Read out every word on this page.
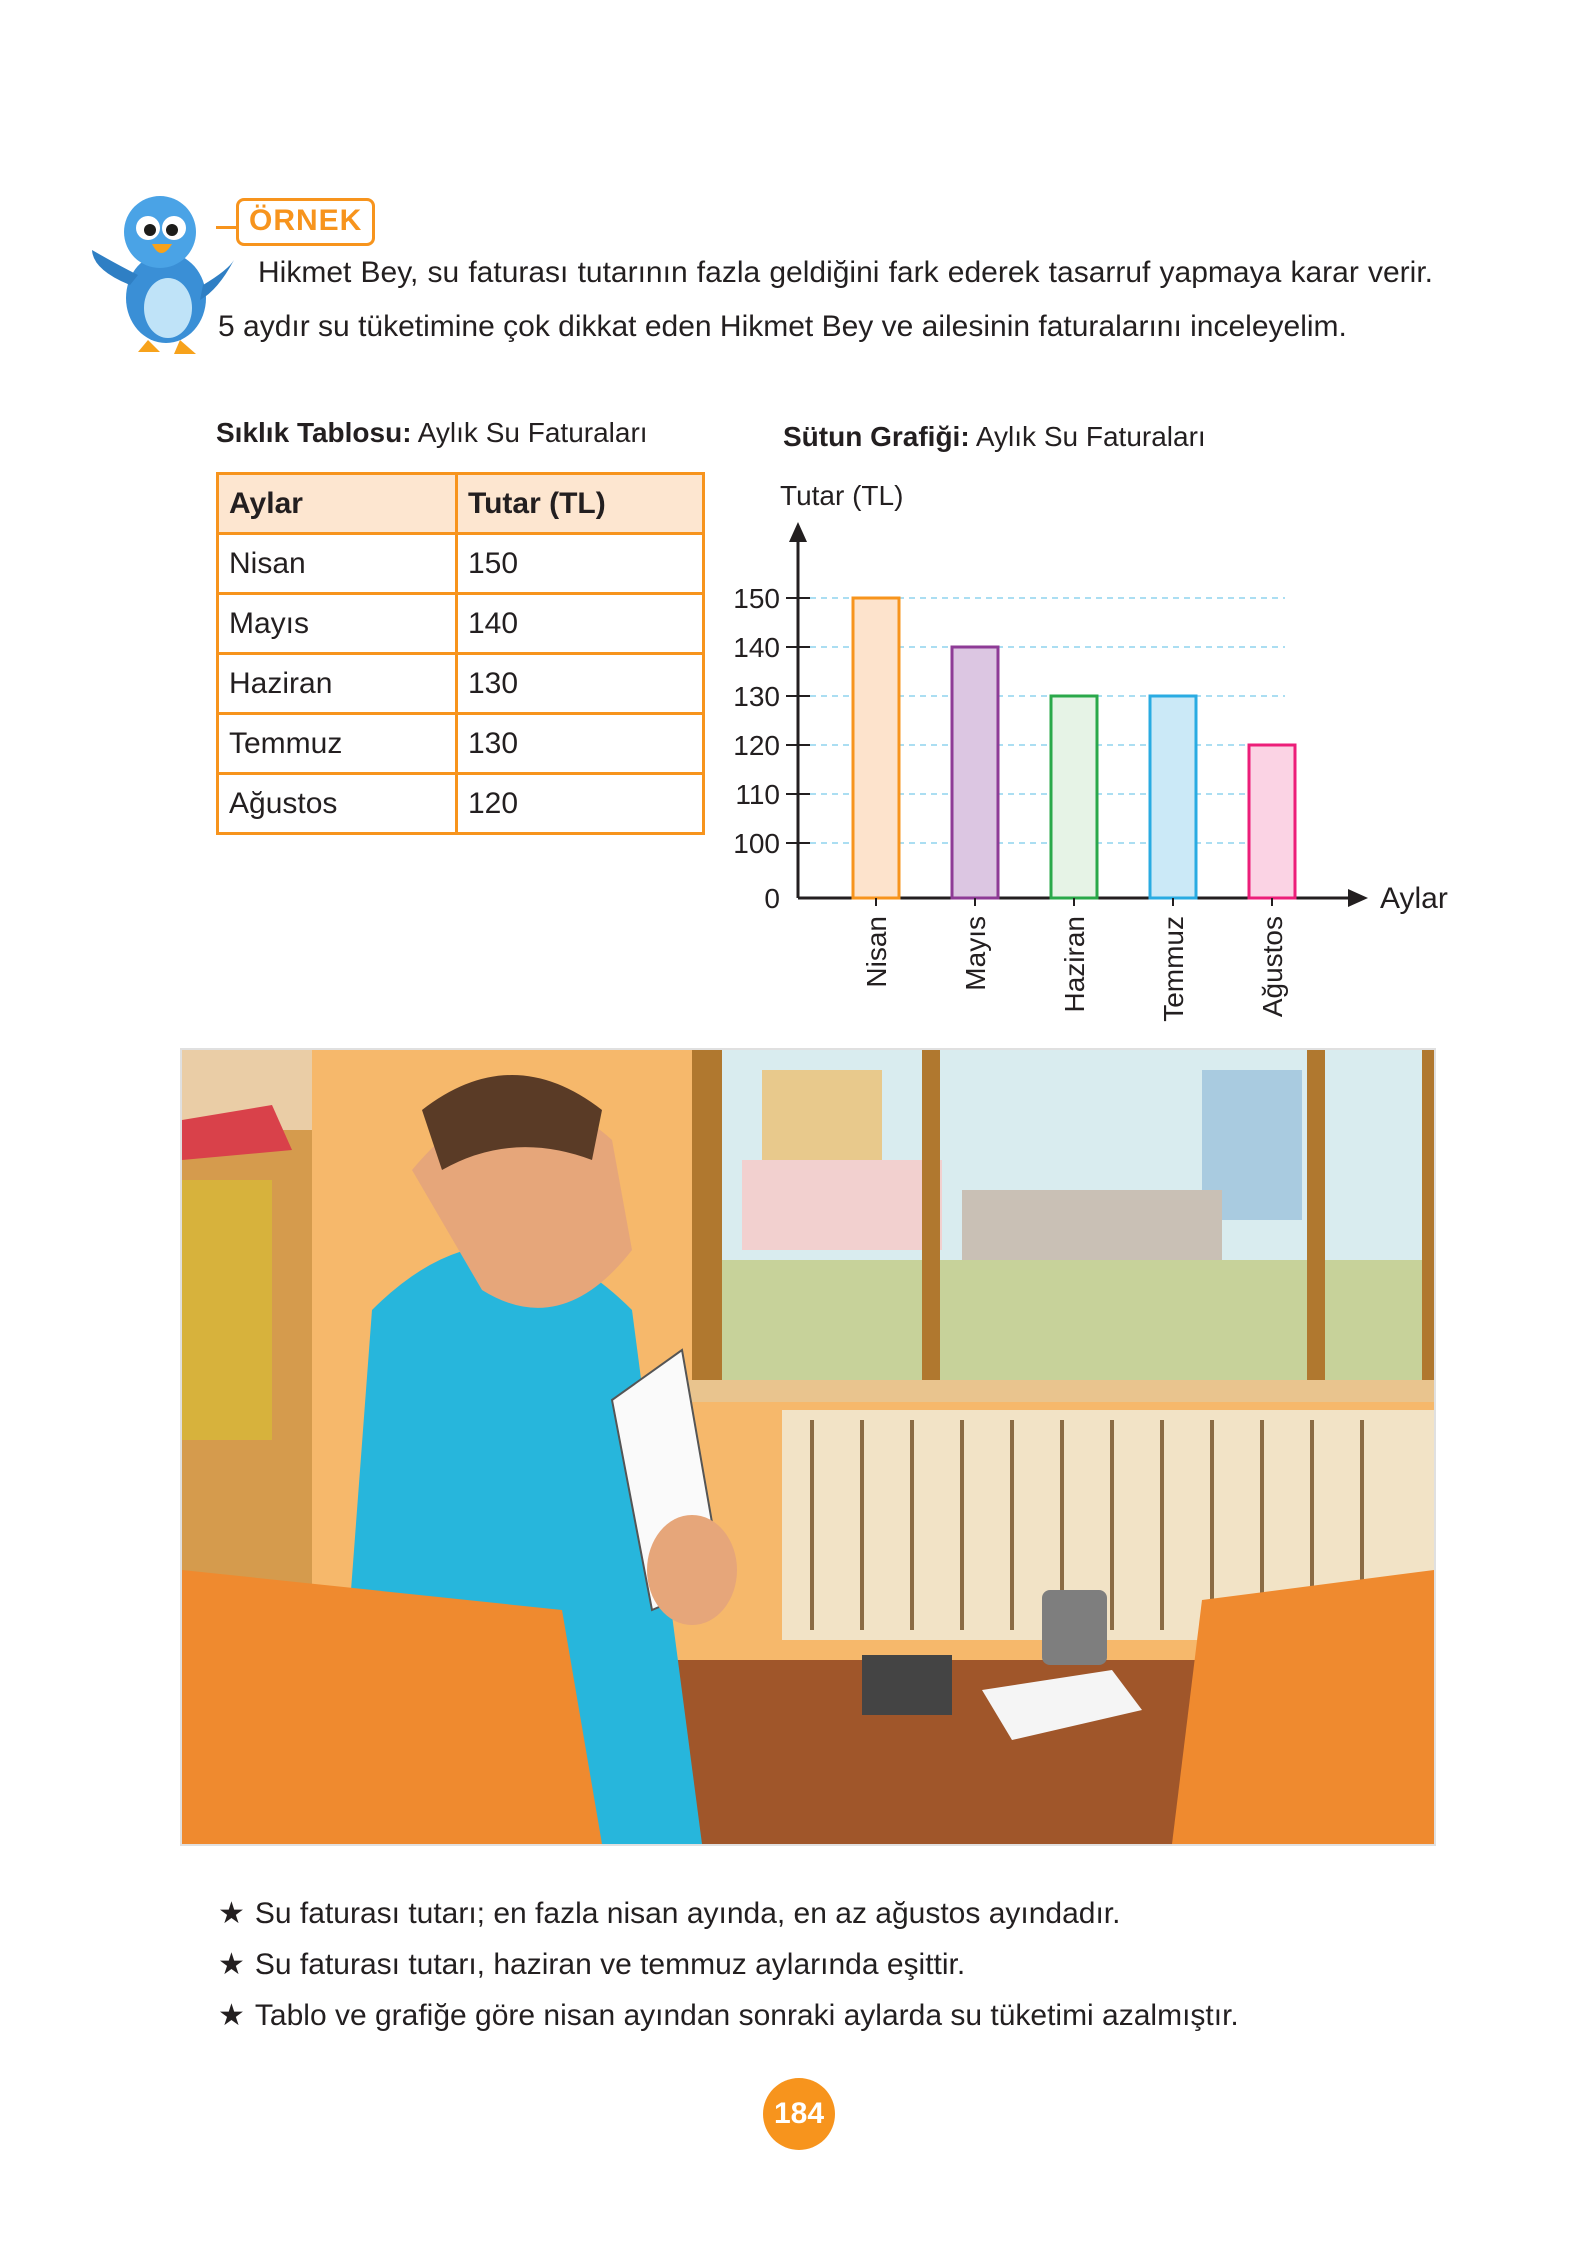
ÖRNEK
Hikmet Bey, su faturası tutarının fazla geldiğini fark ederek tasarruf yapmaya karar verir. 5 aydır su tüketimine çok dikkat eden Hikmet Bey ve ailesinin faturalarını inceleyelim.
Sıklık Tablosu: Aylık Su Faturaları
Aylar	Tutar (TL)
Nisan	150
Mayıs	140
Haziran	130
Temmuz	130
Ağustos	120
Sütun Grafiği: Aylık Su Faturaları
Tutar (TL)
Aylar
0
100
110
120
130
140
150
Nisan Mayıs Haziran Temmuz Ağustos
★ Su faturası tutarı; en fazla nisan ayında, en az ağustos ayındadır.
★ Su faturası tutarı, haziran ve temmuz aylarında eşittir.
★ Tablo ve grafiğe göre nisan ayından sonraki aylarda su tüketimi azalmıştır.
184
